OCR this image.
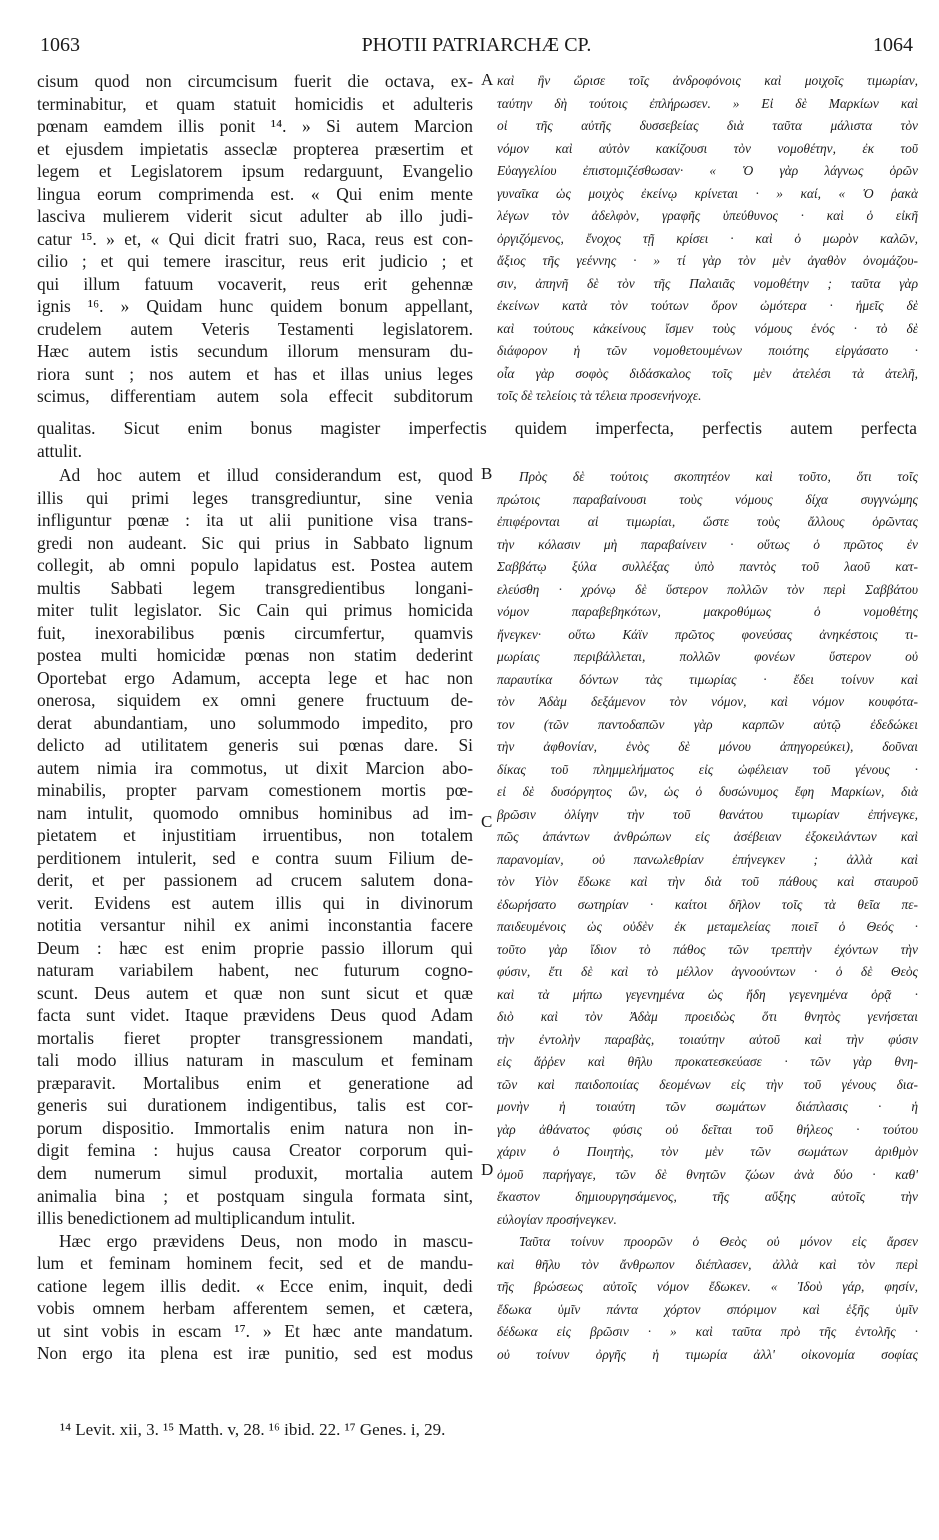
1063	PHOTII PATRIARCHÆ CP.	1064
cisum quod non circumcisum fuerit die octava, ex-
terminabitur, et quam statuit homicidis et adulteris
pœnam eamdem illis ponit ¹⁴. » Si autem Marcion
et ejusdem impietatis asseclæ propterea præsertim et
legem et Legislatorem ipsum redarguunt, Evangelio
lingua eorum comprimenda est. « Qui enim mente
lasciva mulierem viderit sicut adulter ab illo judi-
catur ¹⁵. » et, « Qui dicit fratri suo, Raca, reus est con-
cilio ; et qui temere irascitur, reus erit judicio ; et
qui illum fatuum vocaverit, reus erit gehennæ
ignis ¹⁶. » Quidam hunc quidem bonum appellant,
crudelem autem Veteris Testamenti legislatorem.
Hæc autem istis secundum illorum mensuram du-
riora sunt ; nos autem et has et illas unius leges
scimus, differentiam autem sola effecit subditorum
καὶ ἣν ὥρισε τοῖς ἀνδροφόνοις καὶ μοιχοῖς τιμωρίαν,
ταύτην δὴ τούτοις ἐπλήρωσεν. » Εἰ δὲ Μαρκίων καὶ
οἱ τῆς αὐτῆς δυσσεβείας διὰ ταῦτα μάλιστα τὸν
νόμον καὶ αὐτὸν κακίζουσι τὸν νομοθέτην, ἐκ τοῦ
Εὐαγγελίου ἐπιστομιζέσθωσαν· « Ὁ γὰρ λάγνως ὁρῶν
γυναῖκα ὡς μοιχὸς ἐκείνῳ κρίνεται · » καί, « Ὁ ῥακὰ
λέγων τὸν ἀδελφὸν, γραφῆς ὑπεύθυνος · καὶ ὁ εἰκῆ
ὀργιζόμενος, ἔνοχος τῇ κρίσει · καὶ ὁ μωρὸν καλῶν,
ἄξιος τῆς γεέννης · » τί γὰρ τὸν μὲν ἀγαθὸν ὀνομάζου-
σιν, ἀπηνῆ δὲ τὸν τῆς Παλαιᾶς νομοθέτην ; ταῦτα γὰρ
ἐκείνων κατὰ τὸν τούτων ὅρον ὠμότερα · ἡμεῖς δὲ
καὶ τούτους κἀκείνους ἴσμεν τοὺς νόμους ἑνός · τὸ δὲ
διάφορον ἡ τῶν νομοθετουμένων ποιότης εἰργάσατο ·
οἷα γὰρ σοφὸς διδάσκαλος τοῖς μὲν ἀτελέσι τὰ ἀτελῆ,
τοῖς δὲ τελείοις τὰ τέλεια προσενήνοχε.
qualitas. Sicut enim bonus magister imperfectis quidem imperfecta, perfectis autem perfecta
attulit.
Ad hoc autem et illud considerandum est, quod
illis qui primi leges transgrediuntur, sine venia
infliguntur pœnæ : ita ut alii punitione visa trans-
gredi non audeant. Sic qui prius in Sabbato lignum
collegit, ab omni populo lapidatus est. Postea autem
multis Sabbati legem transgredientibus longani-
miter tulit legislator. Sic Cain qui primus homicida
fuit, inexorabilibus pœnis circumfertur, quamvis
postea multi homicidæ pœnas non statim dederint
Oportebat ergo Adamum, accepta lege et hac non
onerosa, siquidem ex omni genere fructuum de-
derat abundantiam, uno solummodo impedito, pro
delicto ad utilitatem generis sui pœnas dare. Si
autem nimia ira commotus, ut dixit Marcion abo-
minabilis, propter parvam comestionem mortis pœ-
nam intulit, quomodo omnibus hominibus ad im-
pietatem et injustitiam irruentibus, non totalem
perditionem intulerit, sed e contra suum Filium de-
derit, et per passionem ad crucem salutem dona-
verit. Evidens est autem illis qui in divinorum
notitia versantur nihil ex animi inconstantia facere
Deum : hæc est enim proprie passio illorum qui
naturam variabilem habent, nec futurum cogno-
scunt. Deus autem et quæ non sunt sicut et quæ
facta sunt videt. Itaque prævidens Deus quod Adam
mortalis fieret propter transgressionem mandati,
tali modo illius naturam in masculum et feminam
præparavit. Mortalibus enim et generatione ad
generis sui durationem indigentibus, talis est cor-
porum dispositio. Immortalis enim natura non in-
digit femina : hujus causa Creator corporum qui-
dem numerum simul produxit, mortalia autem
animalia bina ; et postquam singula formata sint,
illis benedictionem ad multiplicandum intulit.
Hæc ergo prævidens Deus, non modo in mascu-
lum et feminam hominem fecit, sed et de mandu-
catione legem illis dedit. « Ecce enim, inquit, dedi
vobis omnem herbam afferentem semen, et cætera,
ut sint vobis in escam ¹⁷. » Et hæc ante mandatum.
Non ergo ita plena est iræ punitio, sed est modus
Πρὸς δὲ τούτοις σκοπητέον καὶ τοῦτο, ὅτι τοῖς
πρώτοις παραβαίνουσι τοὺς νόμους δίχα συγγνώμης
ἐπιφέρονται αἱ τιμωρίαι, ὥστε τοὺς ἄλλους ὁρῶντας
τὴν κόλασιν μὴ παραβαίνειν · οὕτως ὁ πρῶτος ἐν
Σαββάτῳ ξύλα συλλέξας ὑπὸ παντὸς τοῦ λαοῦ κατ-
ελεύσθη · χρόνῳ δὲ ὕστερον πολλῶν τὸν περὶ Σαββάτου
νόμον παραβεβηκότων, μακροθύμως ὁ νομοθέτης
ἤνεγκεν· οὕτω Κάϊν πρῶτος φονεύσας ἀνηκέστοις τι-
μωρίαις περιβάλλεται, πολλῶν φονέων ὕστερον οὐ
παραυτίκα δόντων τὰς τιμωρίας · ἔδει τοίνυν καὶ
τὸν Ἀδὰμ δεξάμενον τὸν νόμον, καὶ νόμον κουφότα-
τον (τῶν παντοδαπῶν γὰρ καρπῶν αὐτῷ ἐδεδώκει
τὴν ἀφθονίαν, ἑνὸς δὲ μόνου ἀπηγορεύκει), δοῦναι
δίκας τοῦ πλημμελήματος εἰς ὠφέλειαν τοῦ γένους ·
εἰ δὲ δυσόργητος ὢν, ὡς ὁ δυσώνυμος ἔφη Μαρκίων, διὰ
βρῶσιν ὀλίγην τὴν τοῦ θανάτου τιμωρίαν ἐπήνεγκε,
πῶς ἁπάντων ἀνθρώπων εἰς ἀσέβειαν ἐξοκειλάντων καὶ
παρανομίαν, οὐ πανωλεθρίαν ἐπήνεγκεν ; ἀλλὰ καὶ
τὸν Υἱὸν ἔδωκε καὶ τὴν διὰ τοῦ πάθους καὶ σταυροῦ
ἐδωρήσατο σωτηρίαν · καίτοι δῆλον τοῖς τὰ θεῖα πε-
παιδευμένοις ὡς οὐδὲν ἐκ μεταμελείας ποιεῖ ὁ Θεός ·
τοῦτο γὰρ ἴδιον τὸ πάθος τῶν τρεπτὴν ἐχόντων τὴν
φύσιν, ἔτι δὲ καὶ τὸ μέλλον ἀγνοούντων · ὁ δὲ Θεὸς
καὶ τὰ μήπω γεγενημένα ὡς ἤδη γεγενημένα ὁρᾷ ·
διὸ καὶ τὸν Ἀδὰμ προειδὼς ὅτι θνητὸς γενήσεται
τὴν ἐντολὴν παραβὰς, τοιαύτην αὐτοῦ καὶ τὴν φύσιν
εἰς ἄῤῥεν καὶ θῆλυ προκατεσκεύασε · τῶν γὰρ θνη-
τῶν καὶ παιδοποιίας δεομένων εἰς τὴν τοῦ γένους δια-
μονὴν ἡ τοιαύτη τῶν σωμάτων διάπλασις · ἡ
γὰρ ἀθάνατος φύσις οὐ δεῖται τοῦ θήλεος · τούτου
χάριν ὁ Ποιητὴς, τὸν μὲν τῶν σωμάτων ἀριθμὸν
ὁμοῦ παρήγαγε, τῶν δὲ θνητῶν ζώων ἀνὰ δύο · καθ'
ἕκαστον δημιουργησάμενος, τῆς αὔξης αὐτοῖς τὴν
εὐλογίαν προσήνεγκεν.
Ταῦτα τοίνυν προορῶν ὁ Θεὸς οὐ μόνον εἰς ἄρσεν
καὶ θῆλυ τὸν ἄνθρωπον διέπλασεν, ἀλλὰ καὶ τὸν περὶ
τῆς βρώσεως αὐτοῖς νόμον ἔδωκεν. « Ἰδοὺ γάρ, φησίν,
ἔδωκα ὑμῖν πάντα χόρτον σπόριμον καὶ ἑξῆς ὑμῖν
δέδωκα εἰς βρῶσιν · » καὶ ταῦτα πρὸ τῆς ἐντολῆς ·
οὐ τοίνυν ὀργῆς ἡ τιμωρία ἀλλ' οἰκονομία σοφίας
A
B
C
D
¹⁴ Levit. xii, 3. ¹⁵ Matth. v, 28. ¹⁶ ibid. 22. ¹⁷ Genes. i, 29.
